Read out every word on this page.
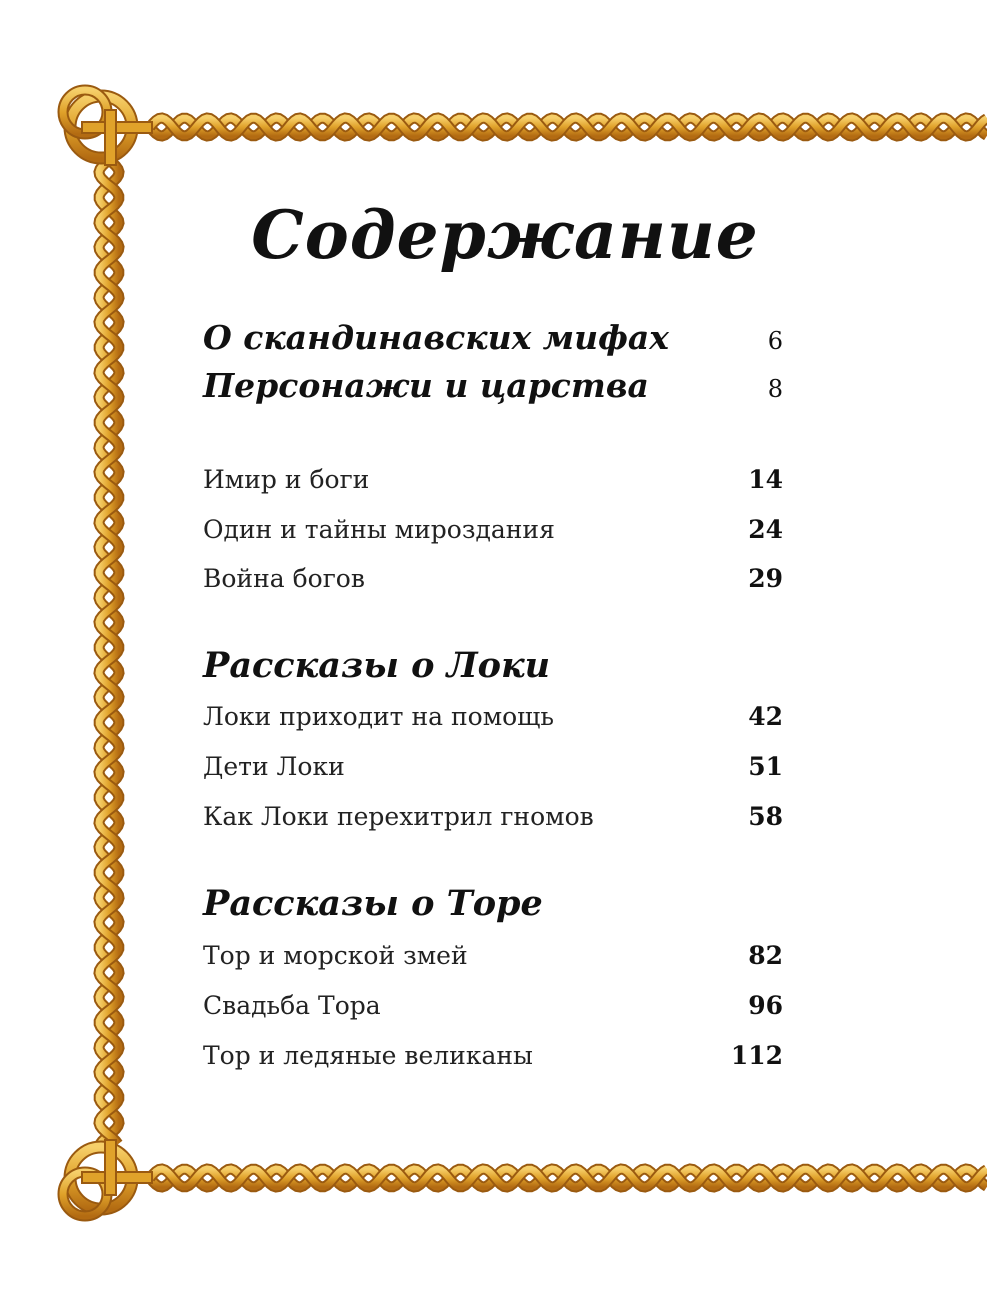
Содержание
О скандинавских мифах	6
Персонажи и царства	8
Имир и боги	14
Один и тайны мироздания	24
Война богов	29
Рассказы о Локи
Локи приходит на помощь	42
Дети Локи	51
Как Локи перехитрил гномов	58
Рассказы о Торе
Тор и морской змей	82
Свадьба Тора	96
Тор и ледяные великаны	112
